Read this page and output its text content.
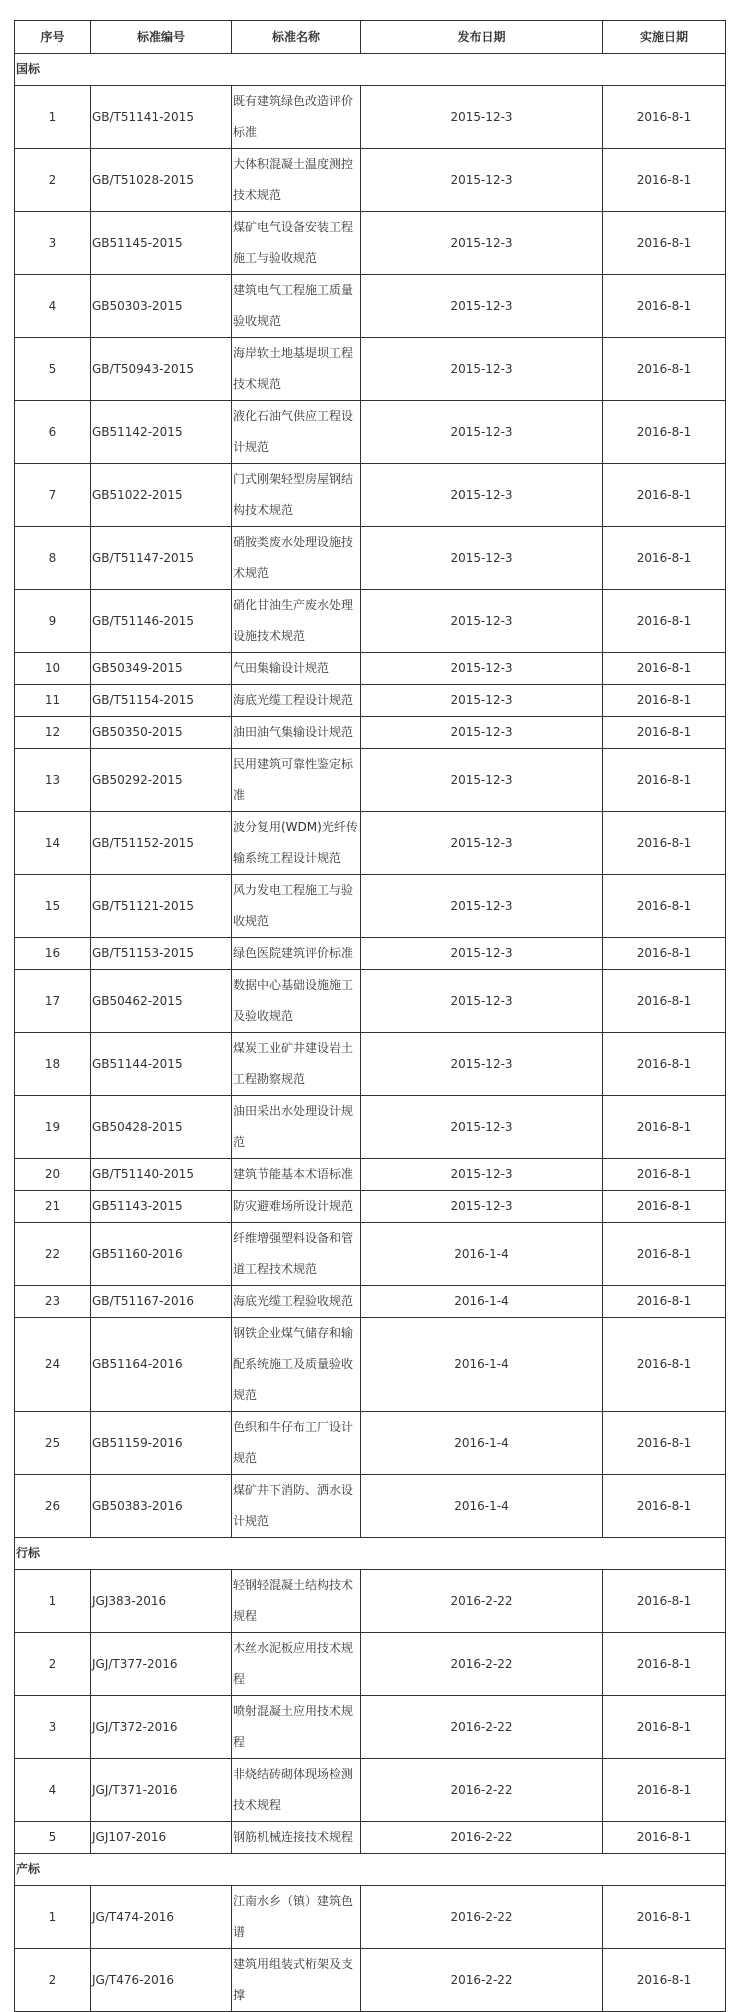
序号	标准编号	标准名称	发布日期	实施日期
国标				
1	GB/T51141-2015	既有建筑绿色改造评价标准	2015-12-3	2016-8-1
2	GB/T51028-2015	大体积混凝土温度测控技术规范	2015-12-3	2016-8-1
3	GB51145-2015	煤矿电气设备安装工程施工与验收规范	2015-12-3	2016-8-1
4	GB50303-2015	建筑电气工程施工质量验收规范	2015-12-3	2016-8-1
5	GB/T50943-2015	海岸软土地基堤坝工程技术规范	2015-12-3	2016-8-1
6	GB51142-2015	液化石油气供应工程设计规范	2015-12-3	2016-8-1
7	GB51022-2015	门式刚架轻型房屋钢结构技术规范	2015-12-3	2016-8-1
8	GB/T51147-2015	硝胺类废水处理设施技术规范	2015-12-3	2016-8-1
9	GB/T51146-2015	硝化甘油生产废水处理设施技术规范	2015-12-3	2016-8-1
10	GB50349-2015	气田集输设计规范	2015-12-3	2016-8-1
11	GB/T51154-2015	海底光缆工程设计规范	2015-12-3	2016-8-1
12	GB50350-2015	油田油气集输设计规范	2015-12-3	2016-8-1
13	GB50292-2015	民用建筑可靠性鉴定标准	2015-12-3	2016-8-1
14	GB/T51152-2015	波分复用(WDM)光纤传输系统工程设计规范	2015-12-3	2016-8-1
15	GB/T51121-2015	风力发电工程施工与验收规范	2015-12-3	2016-8-1
16	GB/T51153-2015	绿色医院建筑评价标准	2015-12-3	2016-8-1
17	GB50462-2015	数据中心基础设施施工及验收规范	2015-12-3	2016-8-1
18	GB51144-2015	煤炭工业矿井建设岩土工程勘察规范	2015-12-3	2016-8-1
19	GB50428-2015	油田采出水处理设计规范	2015-12-3	2016-8-1
20	GB/T51140-2015	建筑节能基本术语标准	2015-12-3	2016-8-1
21	GB51143-2015	防灾避难场所设计规范	2015-12-3	2016-8-1
22	GB51160-2016	纤维增强塑料设备和管道工程技术规范	2016-1-4	2016-8-1
23	GB/T51167-2016	海底光缆工程验收规范	2016-1-4	2016-8-1
24	GB51164-2016	钢铁企业煤气储存和输配系统施工及质量验收规范	2016-1-4	2016-8-1
25	GB51159-2016	色织和牛仔布工厂设计规范	2016-1-4	2016-8-1
26	GB50383-2016	煤矿井下消防、洒水设计规范	2016-1-4	2016-8-1
行标				
1	JGJ383-2016	轻钢轻混凝土结构技术规程	2016-2-22	2016-8-1
2	JGJ/T377-2016	木丝水泥板应用技术规程	2016-2-22	2016-8-1
3	JGJ/T372-2016	喷射混凝土应用技术规程	2016-2-22	2016-8-1
4	JGJ/T371-2016	非烧结砖砌体现场检测技术规程	2016-2-22	2016-8-1
5	JGJ107-2016	钢筋机械连接技术规程	2016-2-22	2016-8-1
产标				
1	JG/T474-2016	江南水乡（镇）建筑色谱	2016-2-22	2016-8-1
2	JG/T476-2016	建筑用组装式桁架及支撑	2016-2-22	2016-8-1
